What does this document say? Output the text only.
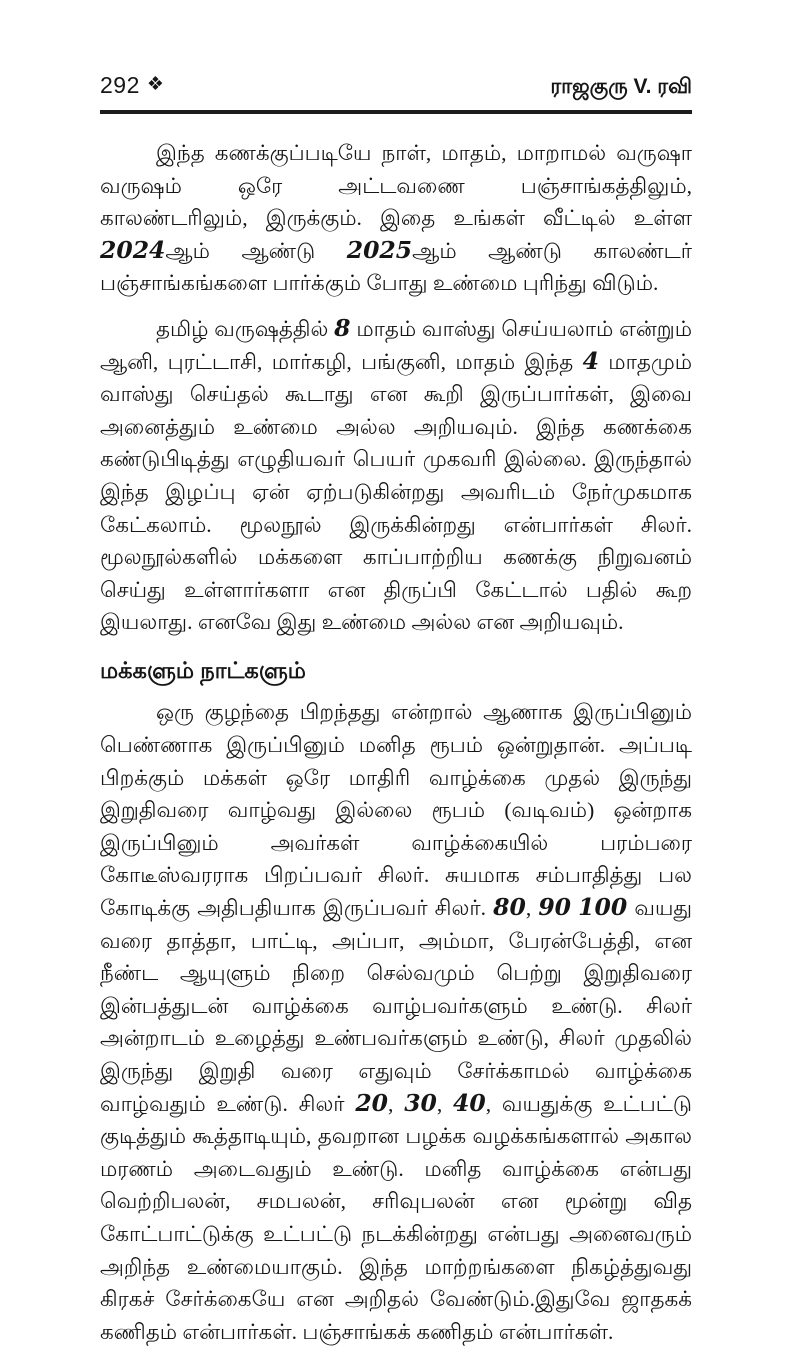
292 ❖	ராஜகுரு V. ரவி

இந்த கணக்குப்படியே நாள், மாதம், மாறாமல் வருஷா வருஷம் ஒரே அட்டவணை பஞ்சாங்கத்திலும், காலண்டரிலும், இருக்கும். இதை உங்கள் வீட்டில் உள்ள 2024ஆம் ஆண்டு 2025ஆம் ஆண்டு காலண்டர் பஞ்சாங்கங்களை பார்க்கும் போது உண்மை புரிந்து விடும்.

தமிழ் வருஷத்தில் 8 மாதம் வாஸ்து செய்யலாம் என்றும் ஆனி, புரட்டாசி, மார்கழி, பங்குனி, மாதம் இந்த 4 மாதமும் வாஸ்து செய்தல் கூடாது என கூறி இருப்பார்கள், இவை அனைத்தும் உண்மை அல்ல அறியவும். இந்த கணக்கை கண்டுபிடித்து எழுதியவர் பெயர் முகவரி இல்லை. இருந்தால் இந்த இழப்பு ஏன் ஏற்படுகின்றது அவரிடம் நேர்முகமாக கேட்கலாம். மூலநூல் இருக்கின்றது என்பார்கள் சிலர். மூலநூல்களில் மக்களை காப்பாற்றிய கணக்கு நிறுவனம் செய்து உள்ளார்களா என திருப்பி கேட்டால் பதில் கூற இயலாது. எனவே இது உண்மை அல்ல என அறியவும்.

மக்களும் நாட்களும்

ஒரு குழந்தை பிறந்தது என்றால் ஆணாக இருப்பினும் பெண்ணாக இருப்பினும் மனித ரூபம் ஒன்றுதான். அப்படி பிறக்கும் மக்கள் ஒரே மாதிரி வாழ்க்கை முதல் இருந்து இறுதிவரை வாழ்வது இல்லை ரூபம் (வடிவம்) ஒன்றாக இருப்பினும் அவர்கள் வாழ்க்கையில் பரம்பரை கோடீஸ்வரராக பிறப்பவர் சிலர். சுயமாக சம்பாதித்து பல கோடிக்கு அதிபதியாக இருப்பவர் சிலர். 80, 90 100 வயது வரை தாத்தா, பாட்டி, அப்பா, அம்மா, பேரன்பேத்தி, என நீண்ட ஆயுளும் நிறை செல்வமும் பெற்று இறுதிவரை இன்பத்துடன் வாழ்க்கை வாழ்பவர்களும் உண்டு. சிலர் அன்றாடம் உழைத்து உண்பவர்களும் உண்டு, சிலர் முதலில் இருந்து இறுதி வரை எதுவும் சேர்க்காமல் வாழ்க்கை வாழ்வதும் உண்டு. சிலர் 20, 30, 40, வயதுக்கு உட்பட்டு குடித்தும் கூத்தாடியும், தவறான பழக்க வழக்கங்களால் அகால மரணம் அடைவதும் உண்டு. மனித வாழ்க்கை என்பது வெற்றிபலன், சமபலன், சரிவுபலன் என மூன்று வித கோட்பாட்டுக்கு உட்பட்டு நடக்கின்றது என்பது அனைவரும் அறிந்த உண்மையாகும். இந்த மாற்றங்களை நிகழ்த்துவது கிரகச் சேர்க்கையே என அறிதல் வேண்டும்.இதுவே ஜாதகக் கணிதம் என்பார்கள். பஞ்சாங்கக் கணிதம் என்பார்கள்.
